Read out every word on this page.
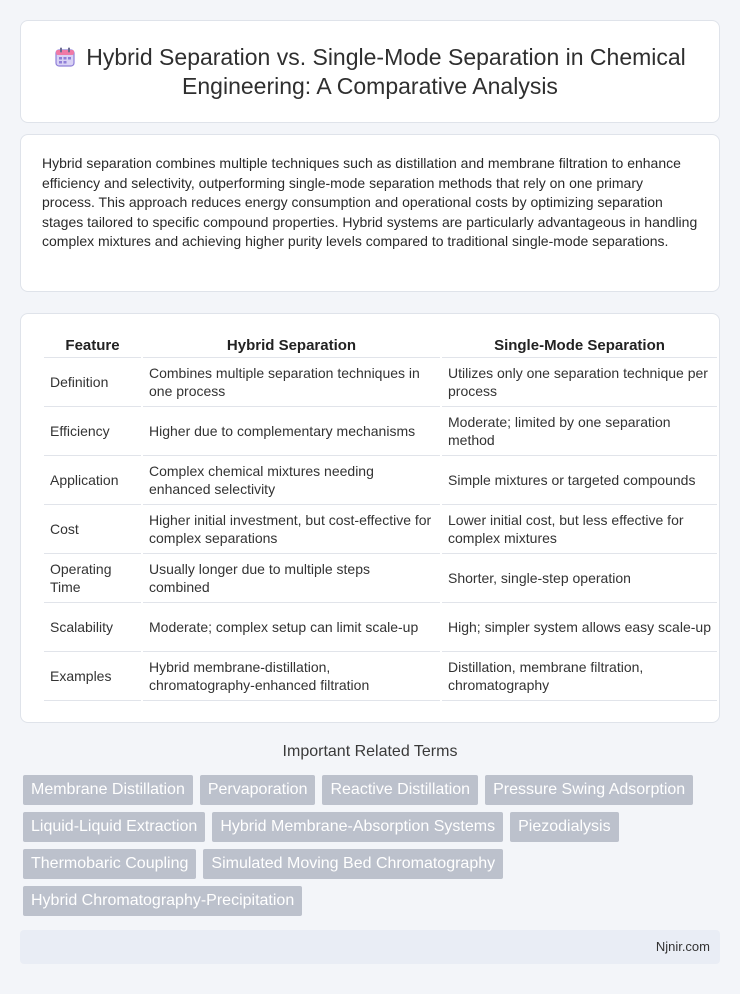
Hybrid Separation vs. Single-Mode Separation in Chemical Engineering: A Comparative Analysis

Hybrid separation combines multiple techniques such as distillation and membrane filtration to enhance efficiency and selectivity, outperforming single-mode separation methods that rely on one primary process. This approach reduces energy consumption and operational costs by optimizing separation stages tailored to specific compound properties. Hybrid systems are particularly advantageous in handling complex mixtures and achieving higher purity levels compared to traditional single-mode separations.

Feature	Hybrid Separation	Single-Mode Separation
Definition	Combines multiple separation techniques in one process	Utilizes only one separation technique per process
Efficiency	Higher due to complementary mechanisms	Moderate; limited by one separation method
Application	Complex chemical mixtures needing enhanced selectivity	Simple mixtures or targeted compounds
Cost	Higher initial investment, but cost-effective for complex separations	Lower initial cost, but less effective for complex mixtures
Operating Time	Usually longer due to multiple steps combined	Shorter, single-step operation
Scalability	Moderate; complex setup can limit scale-up	High; simpler system allows easy scale-up
Examples	Hybrid membrane-distillation, chromatography-enhanced filtration	Distillation, membrane filtration, chromatography
Important Related Terms
Membrane Distillation	Pervaporation	Reactive Distillation	Pressure Swing Adsorption
Liquid-Liquid Extraction	Hybrid Membrane-Absorption Systems	Piezodialysis
Thermobaric Coupling	Simulated Moving Bed Chromatography
Hybrid Chromatography-Precipitation
Njnir.com
